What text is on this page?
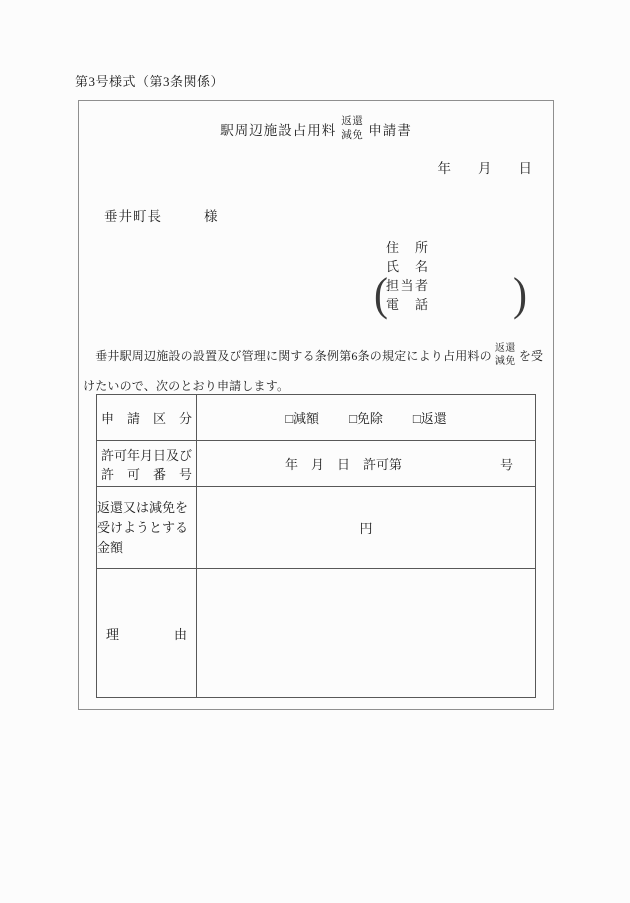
第3号様式（第3条関係）
駅周辺施設占用料
返還
減免 申請書
年　　月　　日
垂井町長	様
住　所
氏　名
担当者
電　話
(	)
　垂井駅周辺施設の設置及び管理に関する条例第6条の規定により占用料の 返還
減免 を受
けたいので、次のとおり申請します。
申　請　区　分	□減額 □免除 □返還

許可年月日及び
許　可　番　号
	年　月　日　許可第	号

返還又は減免を
受けようとする
金額	円

理 由	
